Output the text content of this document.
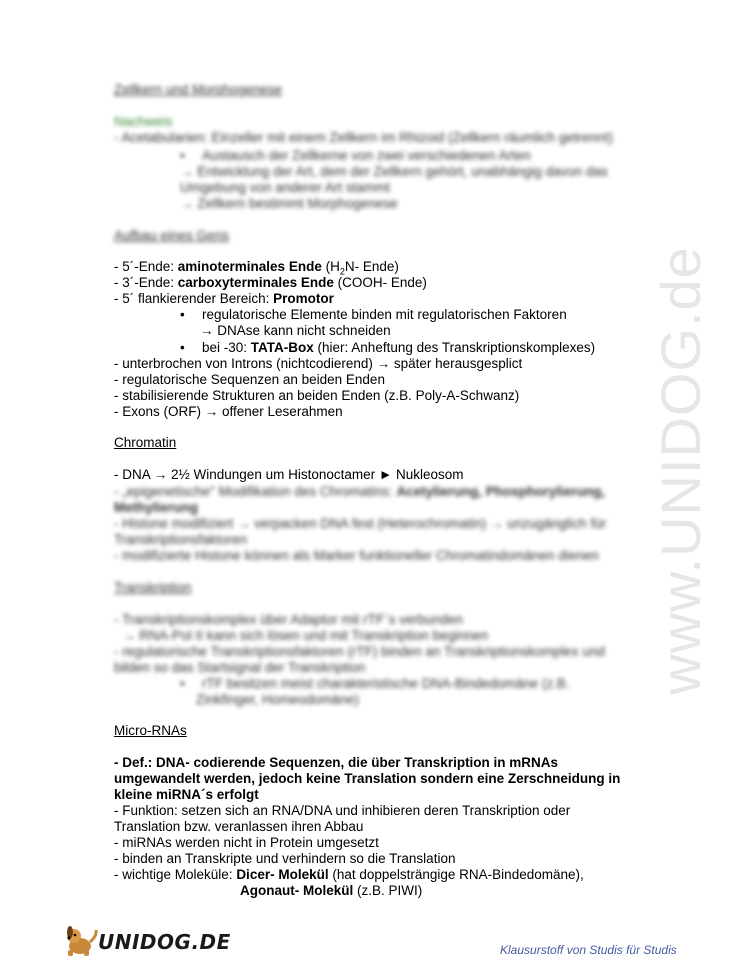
www.UNIDOG.de
Zellkern und Morphogenese
Nachweis
- Acetabularien: Einzeller mit einem Zellkern im Rhizoid (Zellkern räumlich getrennt)
• Austausch der Zellkerne von zwei verschiedenen Arten
→ Entwicklung der Art, dem der Zellkern gehört, unabhängig davon das
Umgebung von anderer Art stammt
→ Zellkern bestimmt Morphogenese
Aufbau eines Gens
- 5´-Ende: aminoterminales Ende ($H_2N-$ Ende)
- 3´-Ende: carboxyterminales Ende (COOH- Ende)
- 5´ flankierender Bereich: Promotor
• regulatorische Elemente binden mit regulatorischen Faktoren
→ DNAse kann nicht schneiden
• bei -30: TATA-Box (hier: Anheftung des Transkriptionskomplexes)
- unterbrochen von Introns (nichtcodierend) → später herausgesplict
- regulatorische Sequenzen an beiden Enden
- stabilisierende Strukturen an beiden Enden (z.B. Poly-A-Schwanz)
- Exons (ORF) → offener Leserahmen
Chromatin
- DNA → 2½ Windungen um Histonoctamer ► Nukleosom
- „epigenetische" Modifikation des Chromatins: Acetylierung, Phosphorylierung,
Methylierung
- Histone modifiziert → verpacken DNA fest (Heterochromatin) → unzugänglich für
Transkriptionsfaktoren
- modifizierte Histone können als Marker funktioneller Chromatindomänen dienen
Transkription
- Transkriptionskomplex über Adaptor mit rTF´s verbunden
→ RNA-Pol II kann sich lösen und mit Transkription beginnen
- regulatorische Transkriptionsfaktoren (rTF) binden an Transkriptionskomplex und
bilden so das Startsignal der Transkription
• rTF besitzen meist charakteristische DNA-Bindedomäne (z.B.
Zinkfinger, Homeodomäne)
Micro-RNAs
- Def.: DNA- codierende Sequenzen, die über Transkription in mRNAs
umgewandelt werden, jedoch keine Translation sondern eine Zerschneidung in
kleine miRNA´s erfolgt
- Funktion: setzen sich an RNA/DNA und inhibieren deren Transkription oder
Translation bzw. veranlassen ihren Abbau
- miRNAs werden nicht in Protein umgesetzt
- binden an Transkripte und verhindern so die Translation
- wichtige Moleküle: Dicer- Molekül (hat doppelsträngige RNA-Bindedomäne),
Agonaut- Molekül (z.B. PIWI)
UNIDOG.DE	Klausurstoff von Studis für Studis
